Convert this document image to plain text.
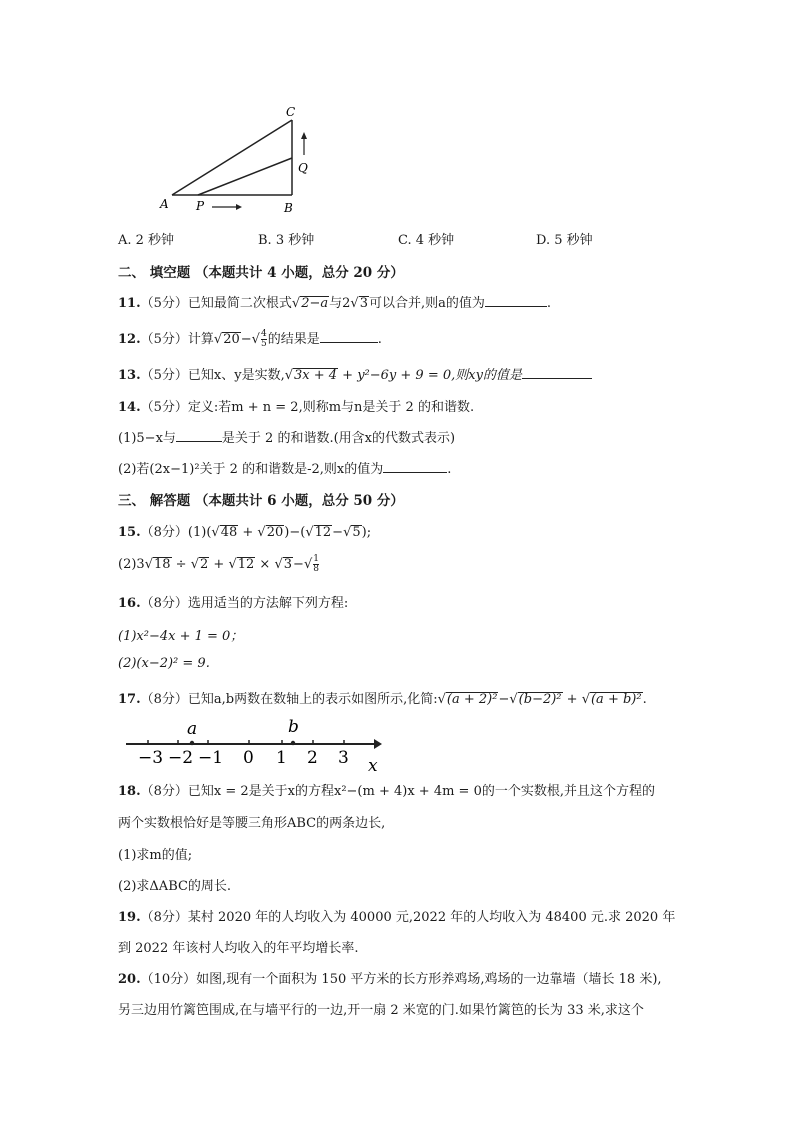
A P	B
C
Q
A. 2 秒钟	B. 3 秒钟	C. 4 秒钟	D. 5 秒钟
二、 填空题 （本题共计 4 小题，总分 20 分）
11.（5分）已知最简二次根式√2−a与2√3可以合并,则a的值为	.
12.（5分）计算$√20-√ \frac{4}{5}$ 的结果是	.
13.（5分）已知x、y是实数,√3x + 4 + y²−6y + 9 = 0,则xy的值是
14.（5分）定义:若m + n = 2,则称m与n是关于 2 的和谐数.
(1)5−x与	是关于 2 的和谐数.(用含x的代数式表示)
(2)若(2x−1)²关于 2 的和谐数是-2,则x的值为	.
三、 解答题 （本题共计 6 小题，总分 50 分）
15.（8分）(1)(√48 + √20)−(√12−√5);
$(2)3√18 \div √2 + √12 \times √3-√ \frac{1}{8}$
16.（8分）选用适当的方法解下列方程:
(1)x²−4x + 1 = 0；
(2)(x−2)² = 9.
17.（8分）已知a,b两数在数轴上的表示如图所示,化简:√(a + 2)²−√(b−2)² + √(a + b)².
−3 −2 −1 0 1 2 3
a	b
x
18.（8分）已知x = 2是关于x的方程x²−(m + 4)x + 4m = 0的一个实数根,并且这个方程的
两个实数根恰好是等腰三角形ABC的两条边长,
(1)求m的值;
(2)求ΔABC的周长.
19.（8分）某村 2020 年的人均收入为 40000 元,2022 年的人均收入为 48400 元.求 2020 年
到 2022 年该村人均收入的年平均增长率.
20.（10分）如图,现有一个面积为 150 平方米的长方形养鸡场,鸡场的一边靠墙（墙长 18 米),
另三边用竹篱笆围成,在与墙平行的一边,开一扇 2 米宽的门.如果竹篱笆的长为 33 米,求这个
